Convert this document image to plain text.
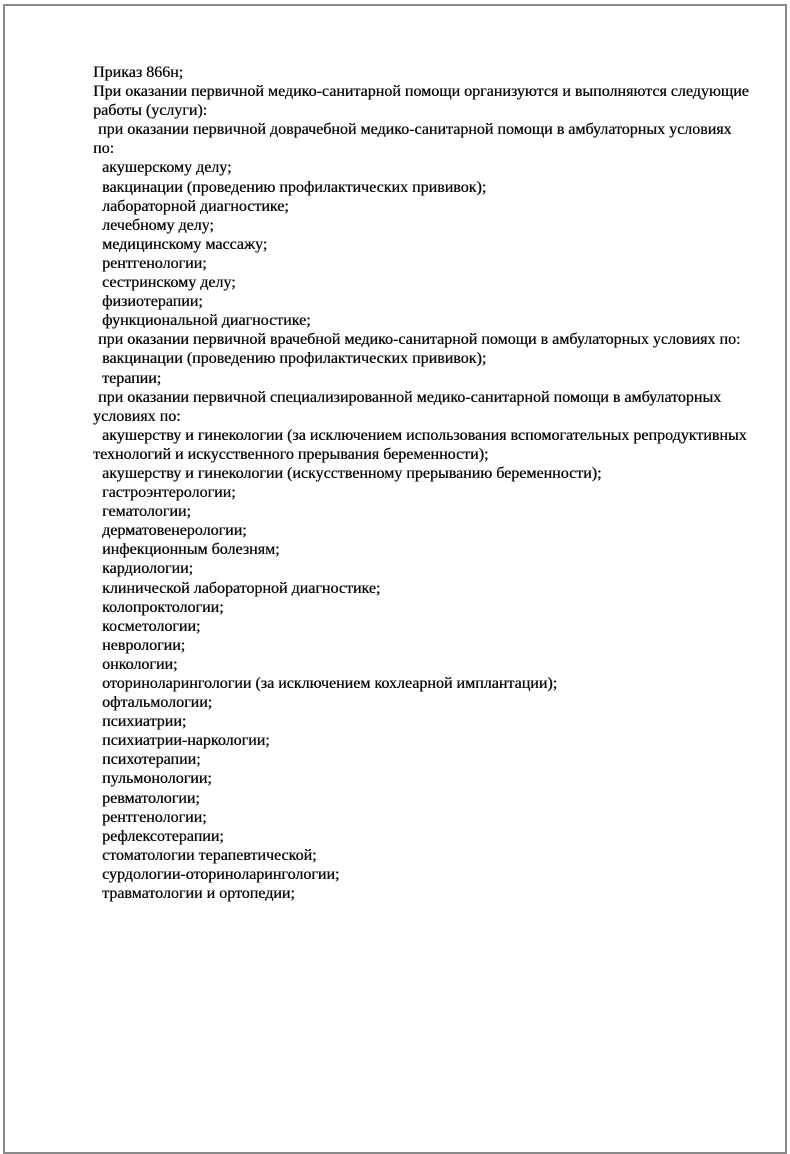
Приказ 866н;
При оказании первичной медико-санитарной помощи организуются и выполняются следующие
работы (услуги):
при оказании первичной доврачебной медико-санитарной помощи в амбулаторных условиях
по:
акушерскому делу;
вакцинации (проведению профилактических прививок);
лабораторной диагностике;
лечебному делу;
медицинскому массажу;
рентгенологии;
сестринскому делу;
физиотерапии;
функциональной диагностике;
при оказании первичной врачебной медико-санитарной помощи в амбулаторных условиях по:
вакцинации (проведению профилактических прививок);
терапии;
при оказании первичной специализированной медико-санитарной помощи в амбулаторных
условиях по:
акушерству и гинекологии (за исключением использования вспомогательных репродуктивных
технологий и искусственного прерывания беременности);
акушерству и гинекологии (искусственному прерыванию беременности);
гастроэнтерологии;
гематологии;
дерматовенерологии;
инфекционным болезням;
кардиологии;
клинической лабораторной диагностике;
колопроктологии;
косметологии;
неврологии;
онкологии;
оториноларингологии (за исключением кохлеарной имплантации);
офтальмологии;
психиатрии;
психиатрии-наркологии;
психотерапии;
пульмонологии;
ревматологии;
рентгенологии;
рефлексотерапии;
стоматологии терапевтической;
сурдологии-оториноларингологии;
травматологии и ортопедии;
